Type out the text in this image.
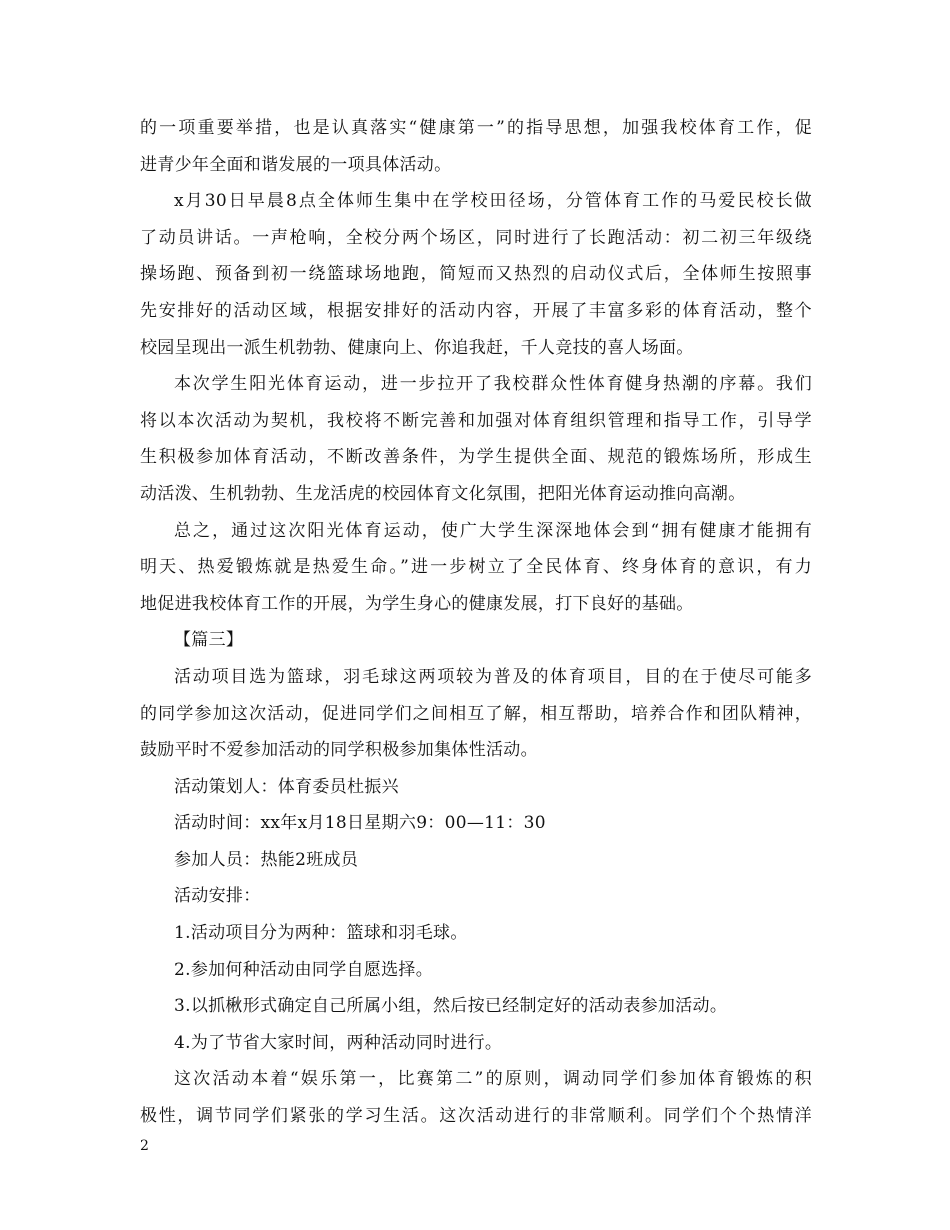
的一项重要举措，也是认真落实“健康第一”的指导思想，加强我校体育工作，促
进青少年全面和谐发展的一项具体活动。
x月30日早晨8点全体师生集中在学校田径场，分管体育工作的马爱民校长做
了动员讲话。一声枪响，全校分两个场区，同时进行了长跑活动：初二初三年级绕
操场跑、预备到初一绕篮球场地跑，简短而又热烈的启动仪式后，全体师生按照事
先安排好的活动区域，根据安排好的活动内容，开展了丰富多彩的体育活动，整个
校园呈现出一派生机勃勃、健康向上、你追我赶，千人竞技的喜人场面。
本次学生阳光体育运动，进一步拉开了我校群众性体育健身热潮的序幕。我们
将以本次活动为契机，我校将不断完善和加强对体育组织管理和指导工作，引导学
生积极参加体育活动，不断改善条件，为学生提供全面、规范的锻炼场所，形成生
动活泼、生机勃勃、生龙活虎的校园体育文化氛围，把阳光体育运动推向高潮。
总之，通过这次阳光体育运动，使广大学生深深地体会到“拥有健康才能拥有
明天、热爱锻炼就是热爱生命。”进一步树立了全民体育、终身体育的意识，有力
地促进我校体育工作的开展，为学生身心的健康发展，打下良好的基础。
【篇三】
活动项目选为篮球，羽毛球这两项较为普及的体育项目，目的在于使尽可能多
的同学参加这次活动，促进同学们之间相互了解，相互帮助，培养合作和团队精神，
鼓励平时不爱参加活动的同学积极参加集体性活动。
活动策划人：体育委员杜振兴
活动时间：xx年x月18日星期六9：00—11：30
参加人员：热能2班成员
活动安排：
1.活动项目分为两种：篮球和羽毛球。
2.参加何种活动由同学自愿选择。
3.以抓楸形式确定自己所属小组，然后按已经制定好的活动表参加活动。
4.为了节省大家时间，两种活动同时进行。
这次活动本着“娱乐第一，比赛第二”的原则，调动同学们参加体育锻炼的积
极性，调节同学们紧张的学习生活。这次活动进行的非常顺利。同学们个个热情洋
2
